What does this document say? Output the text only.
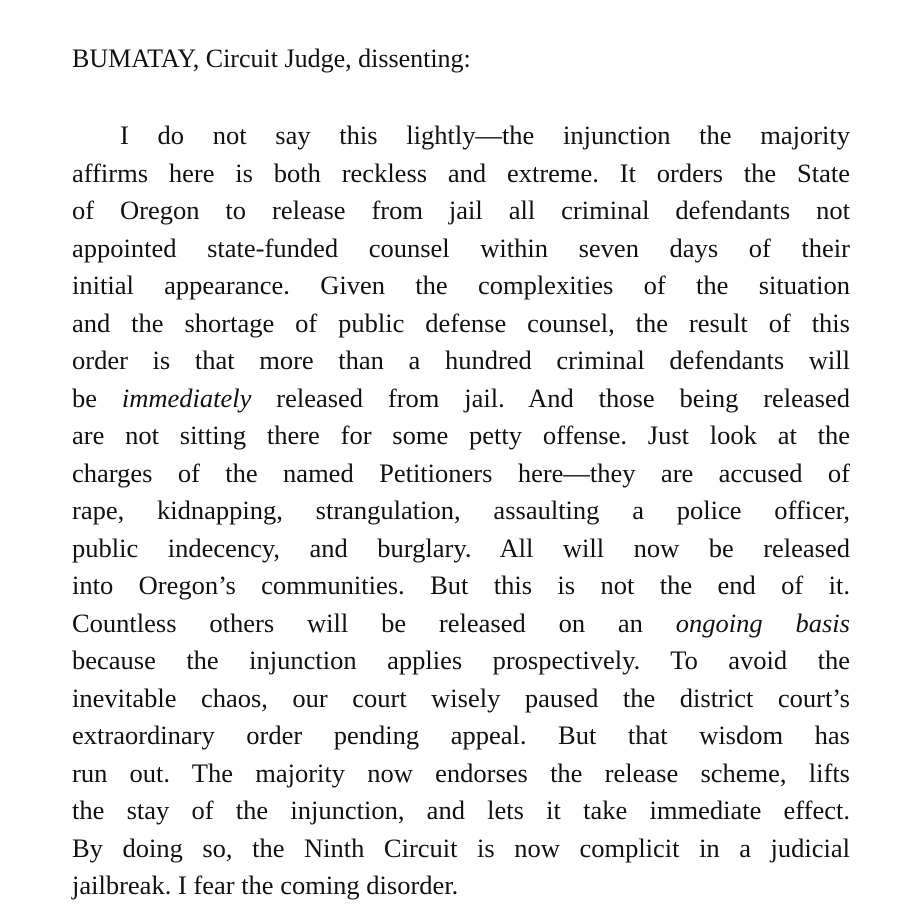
BUMATAY, Circuit Judge, dissenting:

I do not say this lightly—the injunction the majority
affirms here is both reckless and extreme. It orders the State
of Oregon to release from jail all criminal defendants not
appointed state-funded counsel within seven days of their
initial appearance. Given the complexities of the situation
and the shortage of public defense counsel, the result of this
order is that more than a hundred criminal defendants will
be immediately released from jail. And those being released
are not sitting there for some petty offense. Just look at the
charges of the named Petitioners here—they are accused of
rape, kidnapping, strangulation, assaulting a police officer,
public indecency, and burglary. All will now be released
into Oregon’s communities. But this is not the end of it.
Countless others will be released on an ongoing basis
because the injunction applies prospectively. To avoid the
inevitable chaos, our court wisely paused the district court’s
extraordinary order pending appeal. But that wisdom has
run out. The majority now endorses the release scheme, lifts
the stay of the injunction, and lets it take immediate effect.
By doing so, the Ninth Circuit is now complicit in a judicial
jailbreak. I fear the coming disorder.
